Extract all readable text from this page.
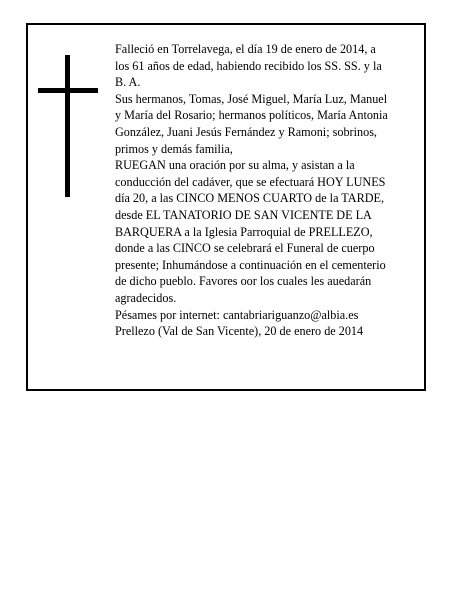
Falleció en Torrelavega, el día 19 de enero de 2014, a
los 61 años de edad, habiendo recibido los SS. SS. y la
B. A.

Sus hermanos, Tomas, José Miguel, María Luz, Manuel
y María del Rosario; hermanos políticos, María Antonia
González, Juani Jesús Fernández y Ramoni; sobrinos,
primos y demás familia,

RUEGAN una oración por su alma, y asistan a la
conducción del cadáver, que se efectuará HOY LUNES
día 20, a las CINCO MENOS CUARTO de la TARDE,
desde EL TANATORIO DE SAN VICENTE DE LA
BARQUERA a la Iglesia Parroquial de PRELLEZO,
donde a las CINCO se celebrará el Funeral de cuerpo
presente; Inhumándose a continuación en el cementerio
de dicho pueblo. Favores oor los cuales les auedarán
agradecidos.

Pésames por internet: cantabriariguanzo@albia.es

Prellezo (Val de San Vicente), 20 de enero de 2014
